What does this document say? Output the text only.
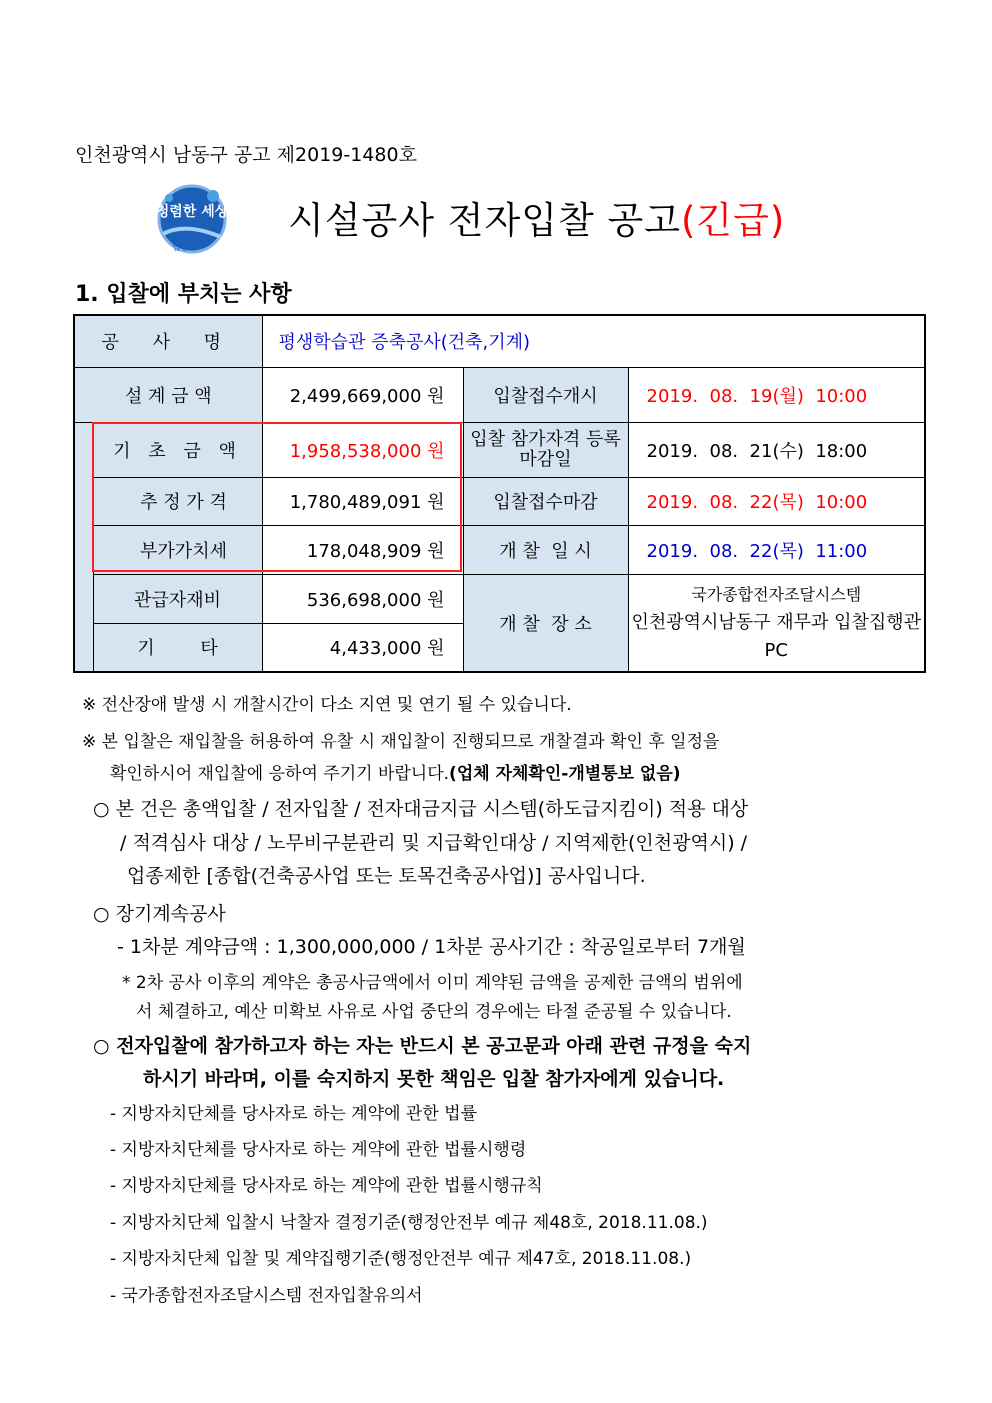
인천광역시 남동구 공고 제2019-1480호
청렴한 세상
남동구
시설공사 전자입찰 공고(긴급)
1. 입찰에 부치는 사항
공 사 명		평생학습관 증축공사(건축,기계)		
설 계 금 액		2,499,669,000 원	입찰접수개시	2019.  08.  19(월)  10:00
	기 초 금 액	1,958,538,000 원	입찰 참가자격 등록 마감일	2019.  08.  21(수)  18:00
	추 정 가 격	1,780,489,091 원	입찰접수마감	2019.  08.  22(목)  10:00
	부가가치세	178,048,909 원	개 찰  일 시	2019.  08.  22(목)  11:00
	관급자재비	536,698,000 원	개 찰  장 소	국가종합전자조달시스템
인천광역시남동구 재무과 입찰집행관 PC

	기        타	4,433,000 원		
※ 전산장애 발생 시 개찰시간이 다소 지연 및 연기 될 수 있습니다.
※ 본 입찰은 재입찰을 허용하여 유찰 시 재입찰이 진행되므로 개찰결과 확인 후 일정을
확인하시어 재입찰에 응하여 주기기 바랍니다.(업체 자체확인-개별통보 없음)
○ 본 건은 총액입찰 / 전자입찰 / 전자대금지급 시스템(하도급지킴이) 적용 대상
/ 적격심사 대상 / 노무비구분관리 및 지급확인대상 / 지역제한(인천광역시) /
업종제한 [종합(건축공사업 또는 토목건축공사업)] 공사입니다.
○ 장기계속공사
- 1차분 계약금액 : 1,300,000,000 / 1차분 공사기간 : 착공일로부터 7개월
* 2차 공사 이후의 계약은 총공사금액에서 이미 계약된 금액을 공제한 금액의 범위에
서 체결하고, 예산 미확보 사유로 사업 중단의 경우에는 타절 준공될 수 있습니다.
○ 전자입찰에 참가하고자 하는 자는 반드시 본 공고문과 아래 관련 규정을 숙지
하시기 바라며, 이를 숙지하지 못한 책임은 입찰 참가자에게 있습니다.
- 지방자치단체를 당사자로 하는 계약에 관한 법률
- 지방자치단체를 당사자로 하는 계약에 관한 법률시행령
- 지방자치단체를 당사자로 하는 계약에 관한 법률시행규칙
- 지방자치단체 입찰시 낙찰자 결정기준(행정안전부 예규 제48호, 2018.11.08.)
- 지방자치단체 입찰 및 계약집행기준(행정안전부 예규 제47호, 2018.11.08.)
- 국가종합전자조달시스템 전자입찰유의서
